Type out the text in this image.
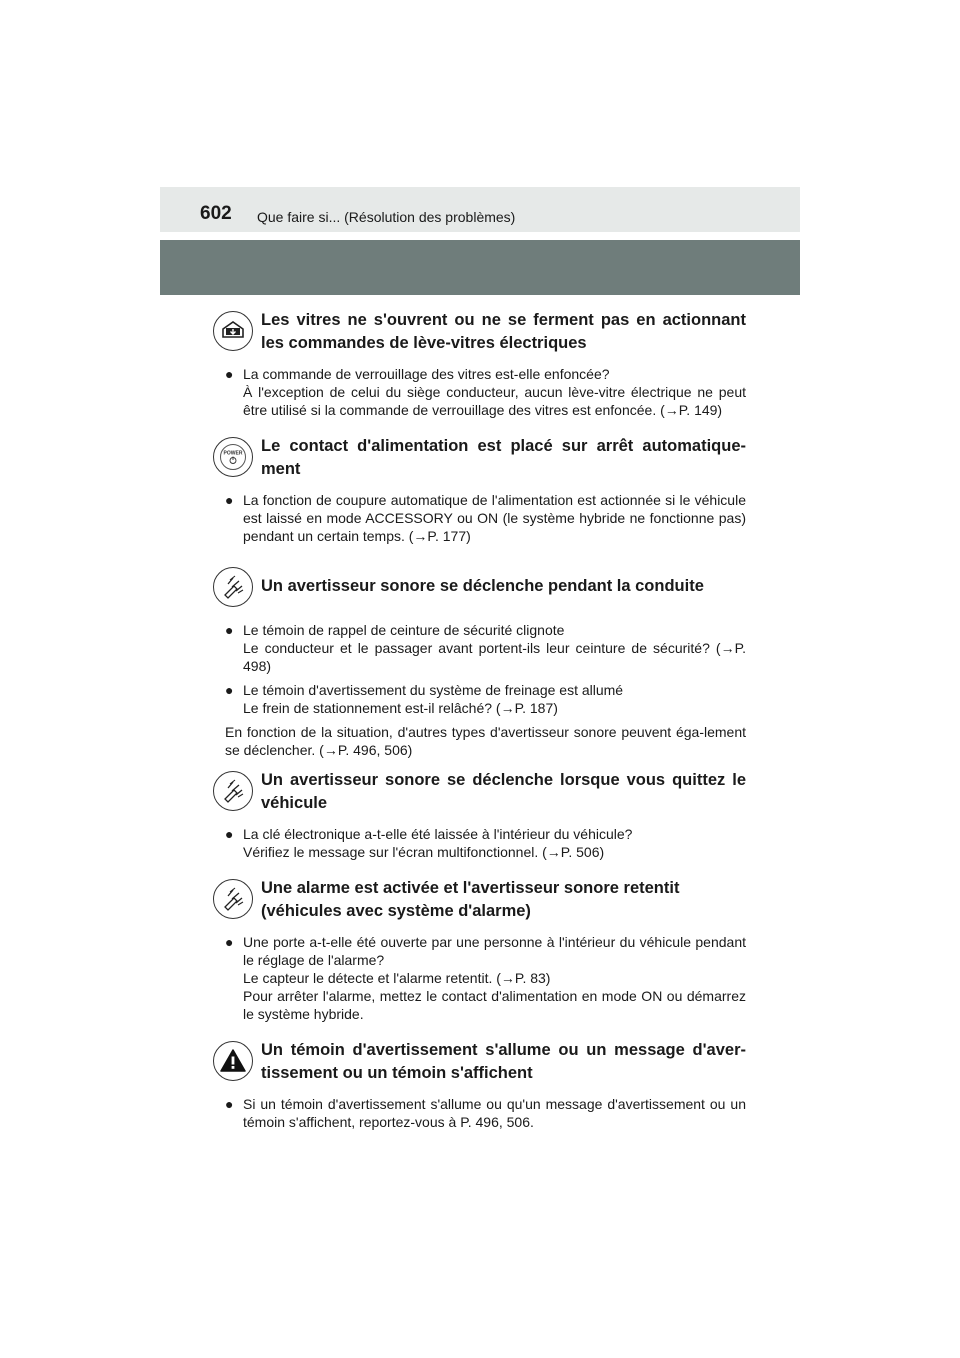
602 Que faire si... (Résolution des problèmes)
Les vitres ne s'ouvrent ou ne se ferment pas en actionnant les commandes de lève-vitres électriques
● La commande de verrouillage des vitres est-elle enfoncée?
À l'exception de celui du siège conducteur, aucun lève-vitre électrique ne peut être utilisé si la commande de verrouillage des vitres est enfoncée. (→P. 149)
POWER Le contact d'alimentation est placé sur arrêt automatique-ment
● La fonction de coupure automatique de l'alimentation est actionnée si le véhicule est laissé en mode ACCESSORY ou ON (le système hybride ne fonctionne pas) pendant un certain temps. (→P. 177)
Un avertisseur sonore se déclenche pendant la conduite
● Le témoin de rappel de ceinture de sécurité clignote
Le conducteur et le passager avant portent-ils leur ceinture de sécurité? (→P. 498)
● Le témoin d'avertissement du système de freinage est allumé
Le frein de stationnement est-il relâché? (→P. 187)
En fonction de la situation, d'autres types d'avertisseur sonore peuvent éga-lement se déclencher. (→P. 496, 506)
Un avertisseur sonore se déclenche lorsque vous quittez le véhicule
● La clé électronique a-t-elle été laissée à l'intérieur du véhicule?
Vérifiez le message sur l'écran multifonctionnel. (→P. 506)
Une alarme est activée et l'avertisseur sonore retentit (véhicules avec système d'alarme)
● Une porte a-t-elle été ouverte par une personne à l'intérieur du véhicule pendant le réglage de l'alarme?
Le capteur le détecte et l'alarme retentit. (→P. 83)
Pour arrêter l'alarme, mettez le contact d'alimentation en mode ON ou démarrez le système hybride.
Un témoin d'avertissement s'allume ou un message d'aver-tissement ou un témoin s'affichent
● Si un témoin d'avertissement s'allume ou qu'un message d'avertissement ou un témoin s'affichent, reportez-vous à P. 496, 506.
